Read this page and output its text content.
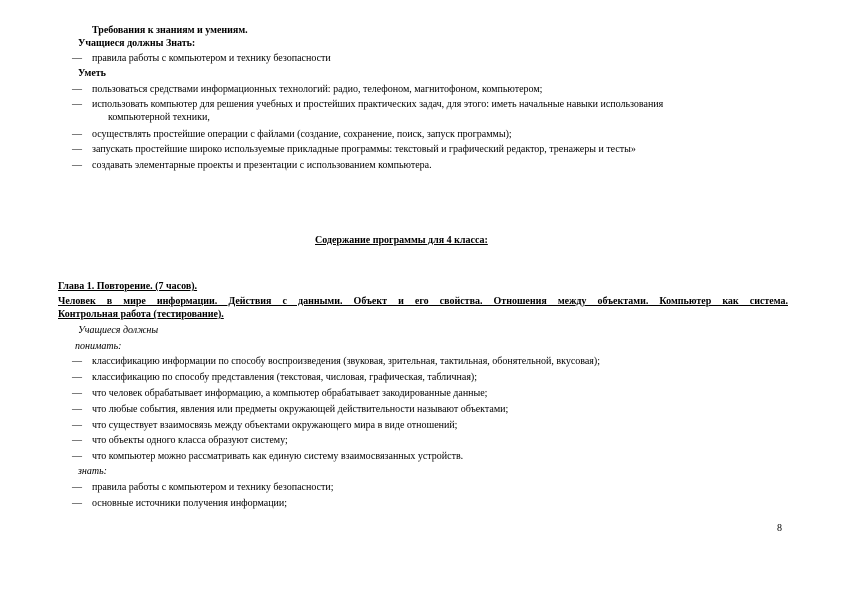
Требования к знаниям и умениям.
Учащиеся должны Знать:
— правила работы с компьютером и технику безопасности
Уметь
— пользоваться средствами информационных технологий: радио, телефоном, магнитофоном, компьютером;
— использовать компьютер для решения учебных и простейших практических задач, для этого: иметь начальные навыки использования
компьютерной техники,
— осуществлять простейшие операции с файлами (создание, сохранение, поиск, запуск программы);
— запускать простейшие широко используемые прикладные программы: текстовый и графический редактор, тренажеры и тесты»
— создавать элементарные проекты и презентации с использованием компьютера.
Содержание программы для 4 класса:
Глава 1. Повторение. (7 часов).
Человек в мире информации. Действия с данными. Объект и его свойства. Отношения между объектами. Компьютер как система.
Контрольная работа (тестирование).
Учащиеся должны
понимать:
— классификацию информации по способу воспроизведения (звуковая, зрительная, тактильная, обонятельной, вкусовая);
— классификацию по способу представления (текстовая, числовая, графическая, табличная);
— что человек обрабатывает информацию, а компьютер обрабатывает закодированные данные;
— что любые события, явления или предметы окружающей действительности называют объектами;
— что существует взаимосвязь между объектами окружающего мира в виде отношений;
— что объекты одного класса образуют систему;
— что компьютер можно рассматривать как единую систему взаимосвязанных устройств.
знать:
— правила работы с компьютером и технику безопасности;
— основные источники получения информации;
8
